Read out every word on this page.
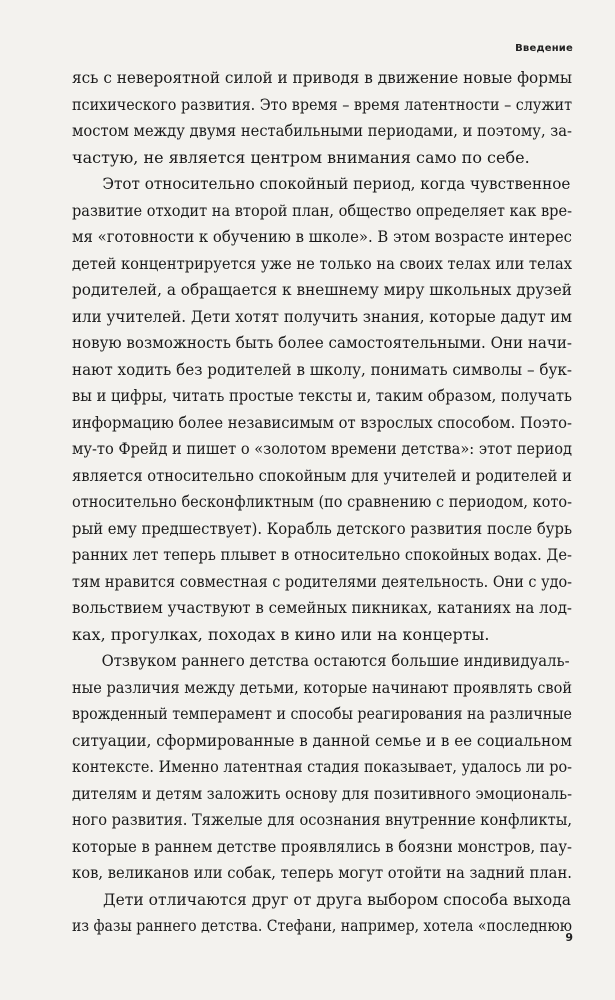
Введение
ясь с невероятной силой и приводя в движение новые формы
психического развития. Это время – время латентности – служит
мостом между двумя нестабильными периодами, и поэтому, за-
частую, не является центром внимания само по себе.
Этот относительно спокойный период, когда чувственное
развитие отходит на второй план, общество определяет как вре-
мя «готовности к обучению в школе». В этом возрасте интерес
детей концентрируется уже не только на своих телах или телах
родителей, а обращается к внешнему миру школьных друзей
или учителей. Дети хотят получить знания, которые дадут им
новую возможность быть более самостоятельными. Они начи-
нают ходить без родителей в школу, понимать символы – бук-
вы и цифры, читать простые тексты и, таким образом, получать
информацию более независимым от взрослых способом. Поэто-
му-то Фрейд и пишет о «золотом времени детства»: этот период
является относительно спокойным для учителей и родителей и
относительно бесконфликтным (по сравнению с периодом, кото-
рый ему предшествует). Корабль детского развития после бурь
ранних лет теперь плывет в относительно спокойных водах. Де-
тям нравится совместная с родителями деятельность. Они с удо-
вольствием участвуют в семейных пикниках, катаниях на лод-
ках, прогулках, походах в кино или на концерты.
Отзвуком раннего детства остаются большие индивидуаль-
ные различия между детьми, которые начинают проявлять свой
врожденный темперамент и способы реагирования на различные
ситуации, сформированные в данной семье и в ее социальном
контексте. Именно латентная стадия показывает, удалось ли ро-
дителям и детям заложить основу для позитивного эмоциональ-
ного развития. Тяжелые для осознания внутренние конфликты,
которые в раннем детстве проявлялись в боязни монстров, пау-
ков, великанов или собак, теперь могут отойти на задний план.
Дети отличаются друг от друга выбором способа выхода
из фазы раннего детства. Стефани, например, хотела «последнюю
9
